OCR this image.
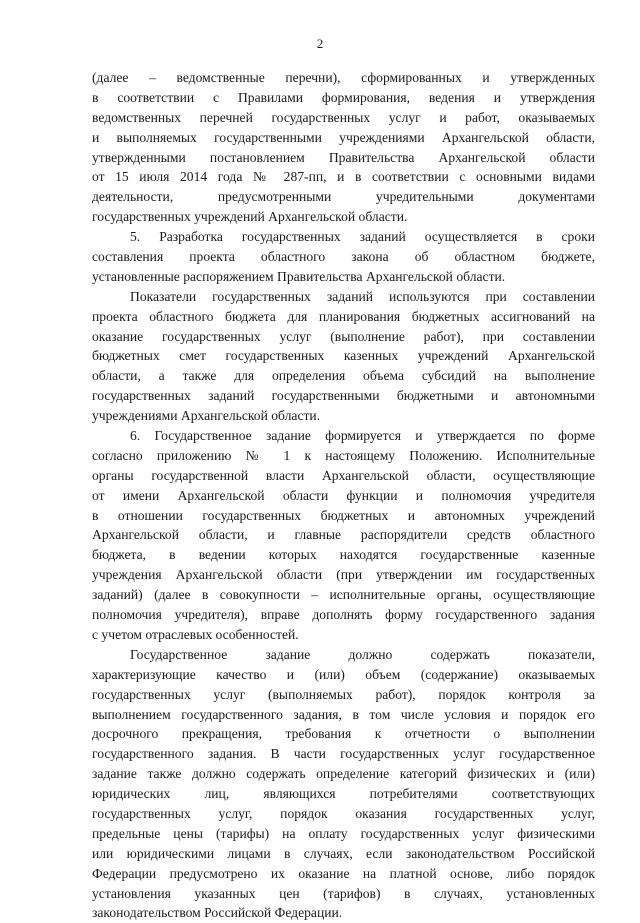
2
(далее – ведомственные перечни), сформированных и утвержденных
в соответствии с Правилами формирования, ведения и утверждения
ведомственных перечней государственных услуг и работ, оказываемых
и выполняемых государственными учреждениями Архангельской области,
утвержденными постановлением Правительства Архангельской области
от 15 июля 2014 года № 287-пп, и в соответствии с основными видами
деятельности, предусмотренными учредительными документами
государственных учреждений Архангельской области.
5. Разработка государственных заданий осуществляется в сроки
составления проекта областного закона об областном бюджете,
установленные распоряжением Правительства Архангельской области.
Показатели государственных заданий используются при составлении
проекта областного бюджета для планирования бюджетных ассигнований на
оказание государственных услуг (выполнение работ), при составлении
бюджетных смет государственных казенных учреждений Архангельской
области, а также для определения объема субсидий на выполнение
государственных заданий государственными бюджетными и автономными
учреждениями Архангельской области.
6. Государственное задание формируется и утверждается по форме
согласно приложению № 1 к настоящему Положению. Исполнительные
органы государственной власти Архангельской области, осуществляющие
от имени Архангельской области функции и полномочия учредителя
в отношении государственных бюджетных и автономных учреждений
Архангельской области, и главные распорядители средств областного
бюджета, в ведении которых находятся государственные казенные
учреждения Архангельской области (при утверждении им государственных
заданий) (далее в совокупности – исполнительные органы, осуществляющие
полномочия учредителя), вправе дополнять форму государственного задания
с учетом отраслевых особенностей.
Государственное задание должно содержать показатели,
характеризующие качество и (или) объем (содержание) оказываемых
государственных услуг (выполняемых работ), порядок контроля за
выполнением государственного задания, в том числе условия и порядок его
досрочного прекращения, требования к отчетности о выполнении
государственного задания. В части государственных услуг государственное
задание также должно содержать определение категорий физических и (или)
юридических лиц, являющихся потребителями соответствующих
государственных услуг, порядок оказания государственных услуг,
предельные цены (тарифы) на оплату государственных услуг физическими
или юридическими лицами в случаях, если законодательством Российской
Федерации предусмотрено их оказание на платной основе, либо порядок
установления указанных цен (тарифов) в случаях, установленных
законодательством Российской Федерации.
